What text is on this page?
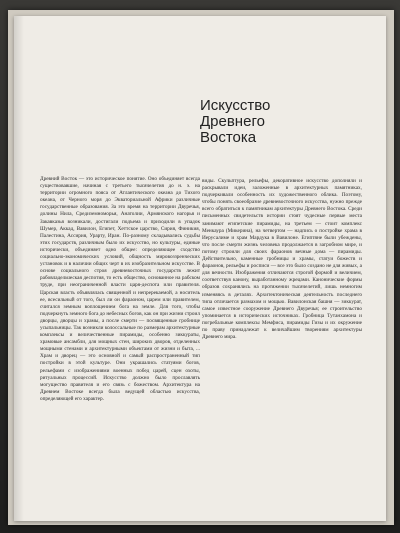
Искусство
Древнего
Востока

Древний Восток — это историческое понятие. Оно объединяет всегда существовавшие, начиная с третьего тысячелетия до н. э. на территории огромного пояса от Атлантического океана до Тихого океана, от Черного моря до Экваториальной Африки различные государственные образования. За это время на территории Двуречья, долины Нила, Средиземноморья, Анатолии, Армянского нагорья и Закавказья возникали, достигали подъема и приходили в упадок Шумер, Аккад, Вавилон, Египет, Хеттское царство, Сирия, Финикия, Палестина, Ассирия, Урарту, Иран. По-разному складывались судьбы этих государств, различным было их искусство, но культуры, единые исторически, объединяет одно общее: определяющее сходство социально-экономических условий, общность мировоззренческих установок и в наличии общих черт в их изобразительном искусстве. В основе социального строя древневосточных государств лежит рабовладельческая деспотия, то есть общество, основанное на рабском труде, при неограниченной власти царя-деспота или правителя. Царская власть объявлялась священной и непререкаемой, а носитель ее, всесильный от того, был ли он фараоном, царем или правителем, считался земным воплощением бога на земле. Для того, чтобы подчеркнуть земного бога до небесных богов, как он при жизни строил дворцы, дворцы и храмы, а после смерти — посвященные гробнице усыпальницы. Так возникли колоссальные по размерам архитектурные комплексы и величественные пирамиды, особенно зиккураты, храмовые ансамбли, для мощных стен, широких дворов, отделенных мощными стенами и архитектурными объектами от жизни и быта, ... Храм и дворец — это основной и самый распространенный тип постройки в этой культуре. Они украшались статуями богов, рельефами с изображениями военных побед царей, сцен охоты, ритуальных процессий. Искусство должно было прославлять могущество правителя и его связь с божеством. Архитектура на Древнем Востоке всегда была ведущей областью искусства, определяющей его характер.

виды. Скульптура, рельефы, декоративное искусство дополняли и раскрывали идеи, заложенные в архитектурных памятниках, подчеркивали особенность их художественного облика. Поэтому, чтобы понять своеобразие древневосточного искусства, нужно прежде всего обратиться к памятникам архитектуры Древнего Востока. Среди письменных свидетельств истории стоят чудесные первые места занимают египетские пирамиды, на третьем — стоит комплекс Менкаура (Микерина), на четвертом — надпись о постройке храма в Иерусалиме и храм Мардука в Вавилоне. Египтяне были убеждены, что после смерти жизнь человека продолжается в загробном мире, и потому строили для своих фараонов вечные дома — пирамиды. Действительно, каменные гробницы и храмы, статуи божеств и фараонов, рельефы и росписи — все это было создано не для живых, а для вечности. Изображения отличаются строгой формой и величием, соответствуя канону, выработанному жрецами. Канонические формы образов сохранялись на протяжении тысячелетий, лишь немногим изменяясь в деталях. Архитектоническая деятельность последнего типа отличается размахом и мощью. Вавилонская башня — зиккурат, самое известное сооружение Древнего Двуречья; ее строительство упоминается в исторических источниках. Гробница Тутанхамона и погребальные комплексы Мемфиса, пирамиды Гизы и их окружение по праву принадлежат к величайшим творениям архитектуры Древнего мира.
